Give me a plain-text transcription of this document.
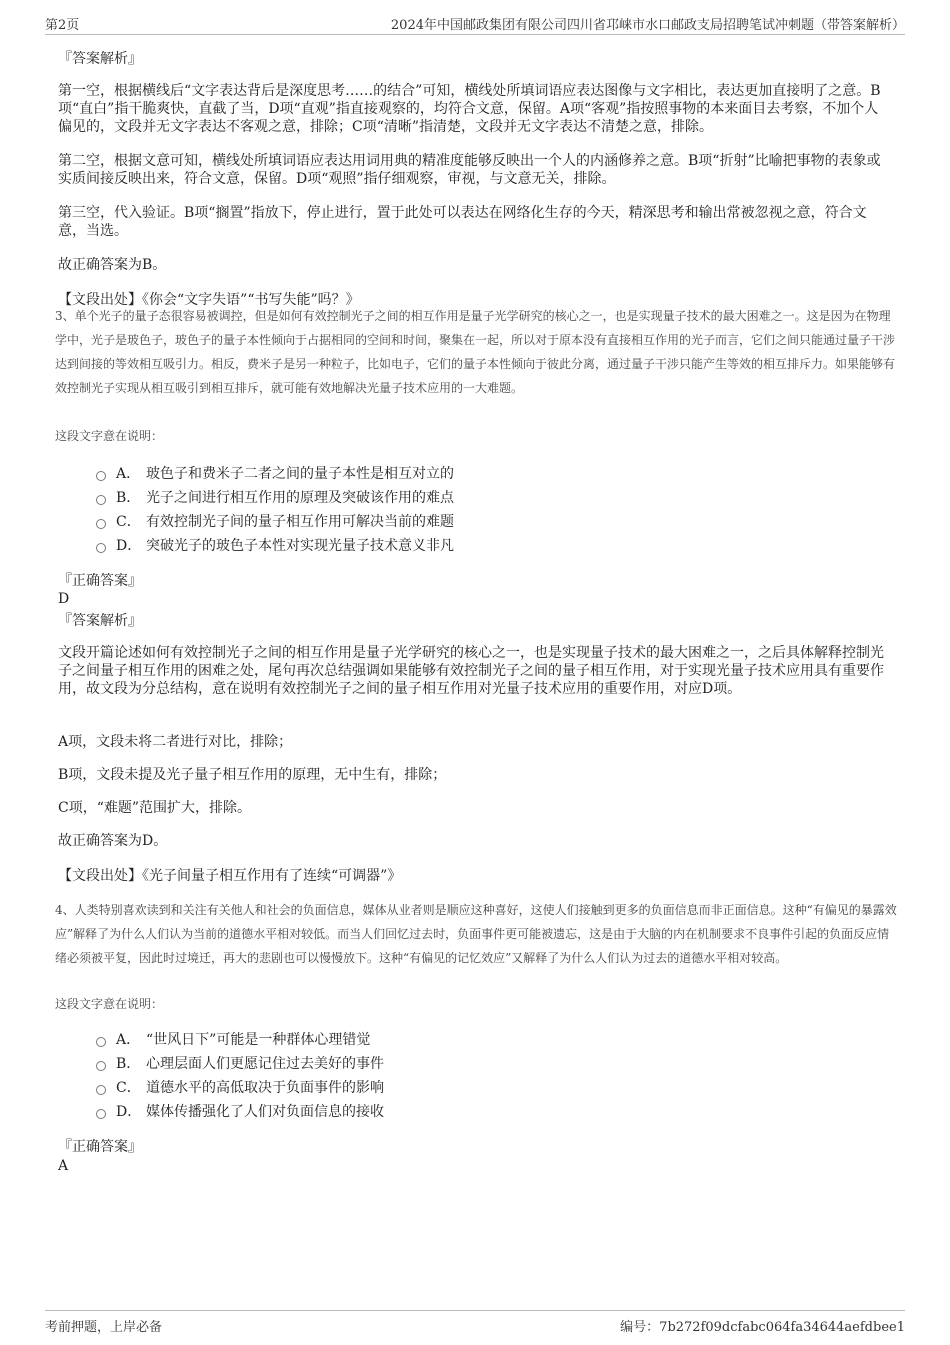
第2页	2024年中国邮政集团有限公司四川省邛崃市水口邮政支局招聘笔试冲刺题（带答案解析）
『答案解析』

第一空，根据横线后“文字表达背后是深度思考……的结合”可知，横线处所填词语应表达图像与文字相比，表达更加直接明了之意。B项“直白”指干脆爽快，直截了当，D项“直观”指直接观察的，均符合文意，保留。A项“客观”指按照事物的本来面目去考察，不加个人偏见的，文段并无文字表达不客观之意，排除；C项“清晰”指清楚，文段并无文字表达不清楚之意，排除。

第二空，根据文意可知，横线处所填词语应表达用词用典的精准度能够反映出一个人的内涵修养之意。B项“折射”比喻把事物的表象或实质间接反映出来，符合文意，保留。D项“观照”指仔细观察，审视，与文意无关，排除。

第三空，代入验证。B项“搁置”指放下，停止进行，置于此处可以表达在网络化生存的今天，精深思考和输出常被忽视之意，符合文意，当选。

故正确答案为B。

【文段出处】《你会“文字失语”“书写失能”吗？》

3、单个光子的量子态很容易被调控，但是如何有效控制光子之间的相互作用是量子光学研究的核心之一，也是实现量子技术的最大困难之一。这是因为在物理学中，光子是玻色子，玻色子的量子本性倾向于占据相同的空间和时间，聚集在一起，所以对于原本没有直接相互作用的光子而言，它们之间只能通过量子干涉达到间接的等效相互吸引力。相反，费米子是另一种粒子，比如电子，它们的量子本性倾向于彼此分离，通过量子干涉只能产生等效的相互排斥力。如果能够有效控制光子实现从相互吸引到相互排斥，就可能有效地解决光量子技术应用的一大难题。

这段文字意在说明：

A． 玻色子和费米子二者之间的量子本性是相互对立的
B． 光子之间进行相互作用的原理及突破该作用的难点
C． 有效控制光子间的量子相互作用可解决当前的难题
D． 突破光子的玻色子本性对实现光量子技术意义非凡
『正确答案』
D
『答案解析』

文段开篇论述如何有效控制光子之间的相互作用是量子光学研究的核心之一，也是实现量子技术的最大困难之一，之后具体解释控制光子之间量子相互作用的困难之处，尾句再次总结强调如果能够有效控制光子之间的量子相互作用，对于实现光量子技术应用具有重要作用，故文段为分总结构，意在说明有效控制光子之间的量子相互作用对光量子技术应用的重要作用，对应D项。

A项，文段未将二者进行对比，排除；

B项，文段未提及光子量子相互作用的原理，无中生有，排除；

C项，“难题”范围扩大，排除。

故正确答案为D。

【文段出处】《光子间量子相互作用有了连续“可调器”》

4、人类特别喜欢读到和关注有关他人和社会的负面信息，媒体从业者则是顺应这种喜好，这使人们接触到更多的负面信息而非正面信息。这种“有偏见的暴露效应”解释了为什么人们认为当前的道德水平相对较低。而当人们回忆过去时，负面事件更可能被遗忘，这是由于大脑的内在机制要求不良事件引起的负面反应情绪必须被平复，因此时过境迁，再大的悲剧也可以慢慢放下。这种“有偏见的记忆效应”又解释了为什么人们认为过去的道德水平相对较高。

这段文字意在说明：

A． “世风日下”可能是一种群体心理错觉
B． 心理层面人们更愿记住过去美好的事件
C． 道德水平的高低取决于负面事件的影响
D． 媒体传播强化了人们对负面信息的接收
『正确答案』
A
考前押题，上岸必备	编号：7b272f09dcfabc064fa34644aefdbee1
